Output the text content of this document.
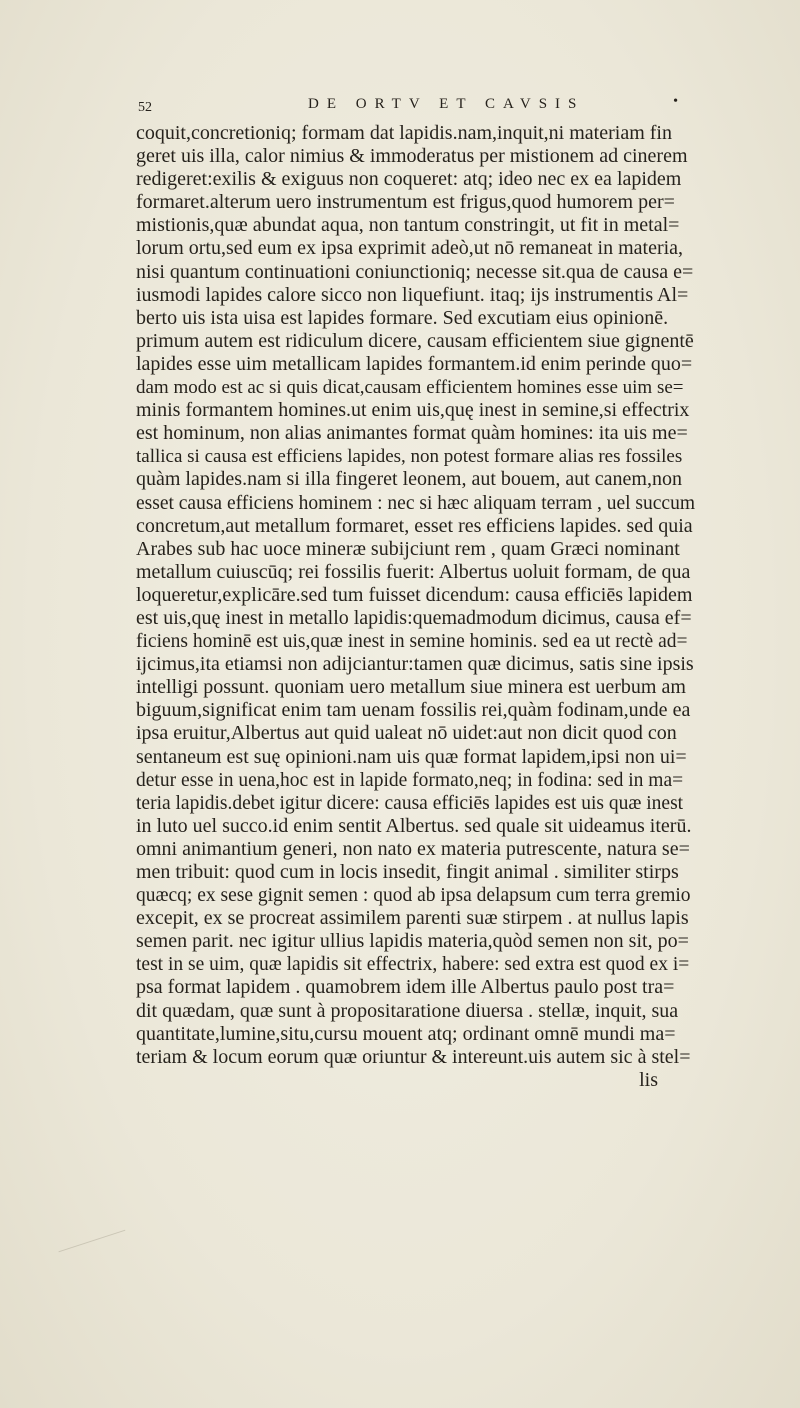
52	DE ORTV ET CAVSIS	•
coquit,concretioniq; formam dat lapidis.nam,inquit,ni materiam fin
geret uis illa, calor nimius & immoderatus per mistionem ad cinerem
redigeret:exilis & exiguus non coqueret: atq; ideo nec ex ea lapidem
formaret.alterum uero instrumentum est frigus,quod humorem per=
mistionis,quæ abundat aqua, non tantum constringit, ut fit in metal=
lorum ortu,sed eum ex ipsa exprimit adeò,ut nō remaneat in materia,
nisi quantum continuationi coniunctioniq; necesse sit.qua de causa e=
iusmodi lapides calore sicco non liquefiunt. itaq; ijs instrumentis Al=
berto uis ista uisa est lapides formare. Sed excutiam eius opinionē.
primum autem est ridiculum dicere, causam efficientem siue gignentē
lapides esse uim metallicam lapides formantem.id enim perinde quo=
dam modo est ac si quis dicat,causam efficientem homines esse uim se=
minis formantem homines.ut enim uis,quę inest in semine,si effectrix
est hominum, non alias animantes format quàm homines: ita uis me=
tallica si causa est efficiens lapides, non potest formare alias res fossiles
quàm lapides.nam si illa fingeret leonem, aut bouem, aut canem,non
esset causa efficiens hominem : nec si hæc aliquam terram , uel succum
concretum,aut metallum formaret, esset res efficiens lapides. sed quia
Arabes sub hac uoce mineræ subijciunt rem , quam Græci nominant
metallum cuiuscūq; rei fossilis fuerit: Albertus uoluit formam, de qua
loqueretur,explicāre.sed tum fuisset dicendum: causa efficiēs lapidem
est uis,quę inest in metallo lapidis:quemadmodum dicimus, causa ef=
ficiens hominē est uis,quæ inest in semine hominis. sed ea ut rectè ad=
ijcimus,ita etiamsi non adijciantur:tamen quæ dicimus, satis sine ipsis
intelligi possunt. quoniam uero metallum siue minera est uerbum am
biguum,significat enim tam uenam fossilis rei,quàm fodinam,unde ea
ipsa eruitur,Albertus aut quid ualeat nō uidet:aut non dicit quod con
sentaneum est suę opinioni.nam uis quæ format lapidem,ipsi non ui=
detur esse in uena,hoc est in lapide formato,neq; in fodina: sed in ma=
teria lapidis.debet igitur dicere: causa efficiēs lapides est uis quæ inest
in luto uel succo.id enim sentit Albertus. sed quale sit uideamus iterū.
omni animantium generi, non nato ex materia putrescente, natura se=
men tribuit: quod cum in locis insedit, fingit animal . similiter stirps
quæcq; ex sese gignit semen : quod ab ipsa delapsum cum terra gremio
excepit, ex se procreat assimilem parenti suæ stirpem . at nullus lapis
semen parit. nec igitur ullius lapidis materia,quòd semen non sit, po=
test in se uim, quæ lapidis sit effectrix, habere: sed extra est quod ex i=
psa format lapidem . quamobrem idem ille Albertus paulo post tra=
dit quædam, quæ sunt à propositaratione diuersa . stellæ, inquit, sua
quantitate,lumine,situ,cursu mouent atq; ordinant omnē mundi ma=
teriam & locum eorum quæ oriuntur & intereunt.uis autem sic à stel=
lis
